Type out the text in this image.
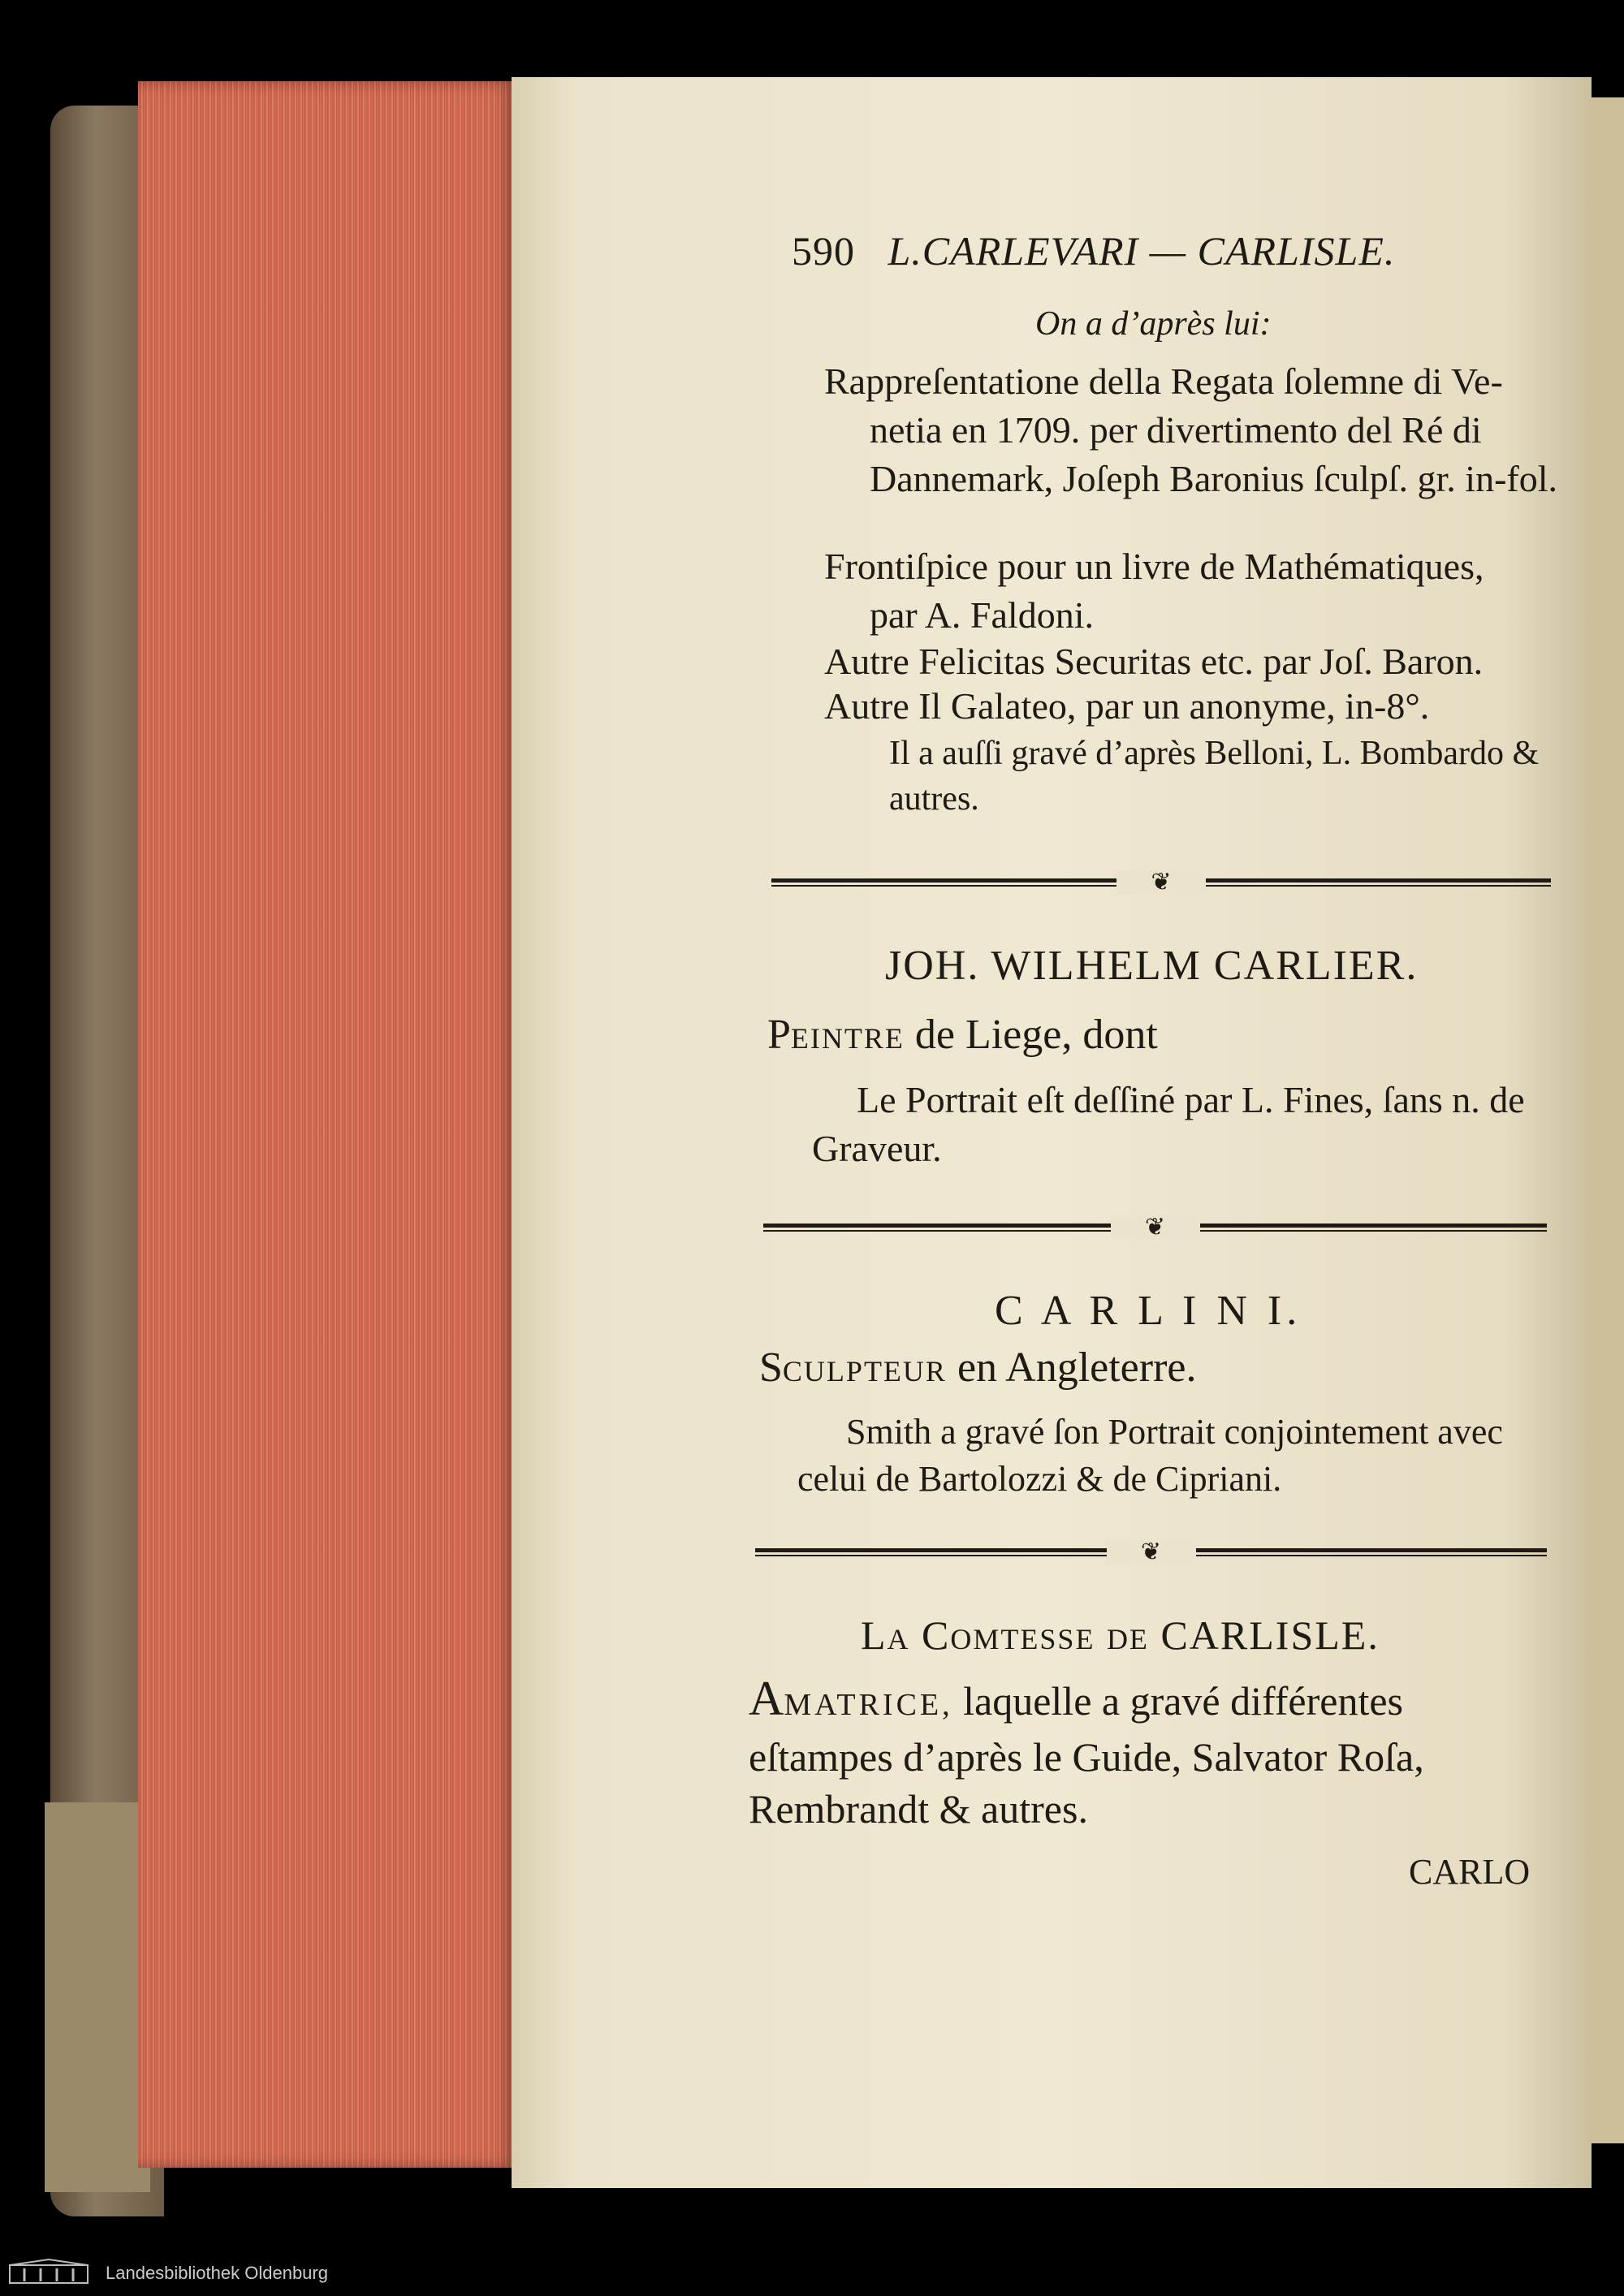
590 L.CARLEVARI — CARLISLE.
On a d’après lui:
Rappreſentatione della Regata ſolemne di Ve-
netia en 1709. per divertimento del Ré di Dannemark, Joſeph Baronius ſculpſ. gr. in-fol.
Frontiſpice pour un livre de Mathématiques,
par A. Faldoni.
Autre Felicitas Securitas etc. par Joſ. Baron.
Autre Il Galateo, par un anonyme, in-8°.
Il a auſſi gravé d’après Belloni, L. Bombardo & autres.
❦
JOH. WILHELM CARLIER.
PEINTRE de Liege, dont
Le Portrait eſt deſſiné par L. Fines, ſans n. de Graveur.
❦
C A R L I N I.
SCULPTEUR en Angleterre.
Smith a gravé ſon Portrait conjointement avec celui de Bartolozzi & de Cipriani.
❦
LA COMTESSE DE CARLISLE.
AMATRICE, laquelle a gravé différentes eſtampes d’après le Guide, Salvator Roſa, Rembrandt & autres.
CARLO
Landesbibliothek Oldenburg
